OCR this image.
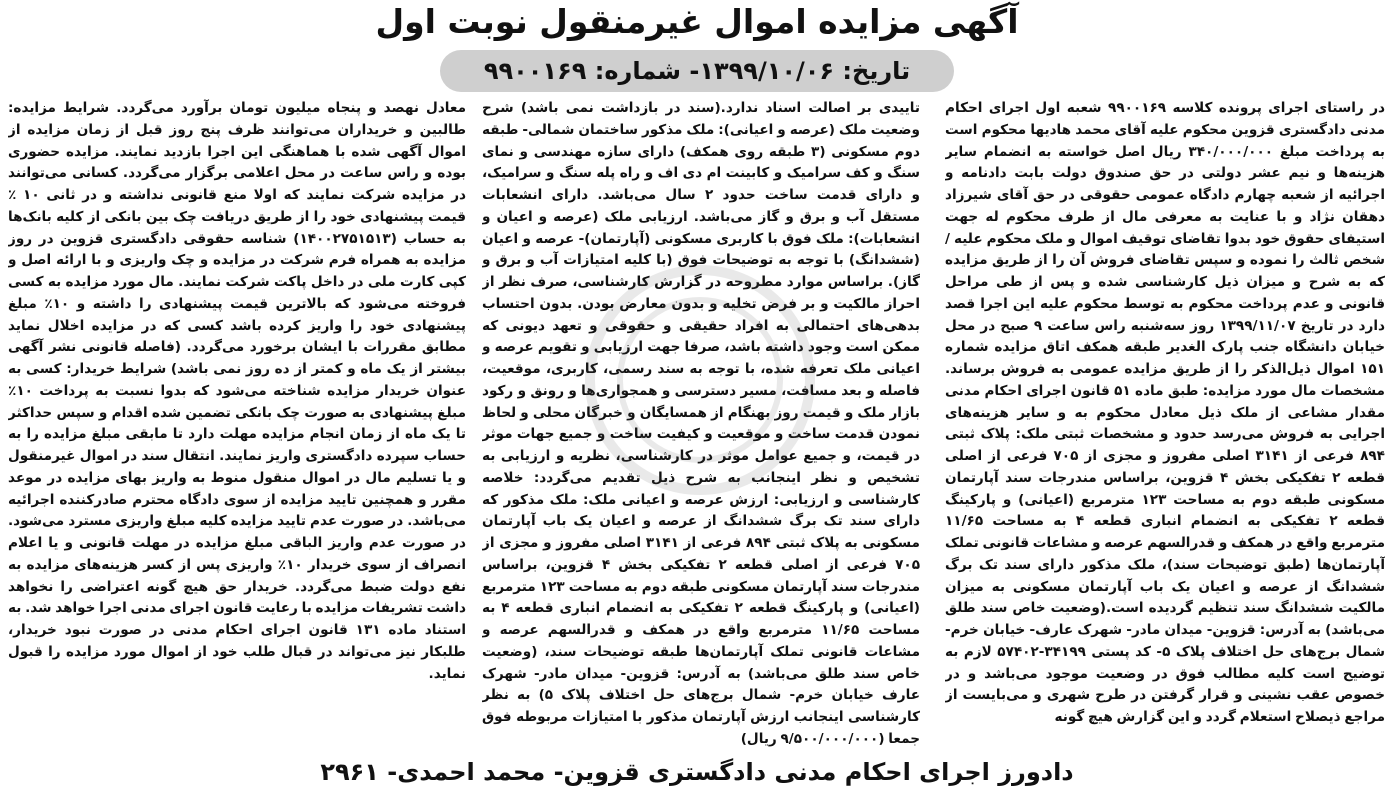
آگهی مزایده اموال غیرمنقول نوبت اول
تاریخ: ۱۳۹۹/۱۰/۰۶- شماره: ۹۹۰۰۱۶۹
در راستای اجرای پرونده کلاسه ۹۹۰۰۱۶۹ شعبه اول اجرای احکام مدنی دادگستری قزوین محکوم علیه آقای محمد هادیها محکوم است به پرداخت مبلغ ۳۴۰/۰۰۰/۰۰۰ ریال اصل خواسته به انضمام سایر هزینه‌ها و نیم عشر دولتی در حق صندوق دولت بابت دادنامه و اجرائیه از شعبه چهارم دادگاه عمومی حقوقی در حق آقای شیرزاد دهقان نژاد و با عنایت به معرفی مال از طرف محکوم له جهت استیفای حقوق خود بدوا تقاضای توقیف اموال و ملک محکوم علیه /شخص ثالث را نموده و سپس تقاضای فروش آن را از طریق مزایده که به شرح و میزان ذیل کارشناسی شده و پس از طی مراحل قانونی و عدم پرداخت محکوم به توسط محکوم علیه این اجرا قصد دارد در تاریخ ۱۳۹۹/۱۱/۰۷ روز سه‌شنبه راس ساعت ۹ صبح در محل خیابان دانشگاه جنب پارک الغدیر طبقه همکف اتاق مزایده شماره ۱۵۱ اموال ذیل‌الذکر را از طریق مزایده عمومی به فروش برساند. مشخصات مال مورد مزایده: طبق ماده ۵۱ قانون اجرای احکام مدنی مقدار مشاعی از ملک ذیل معادل محکوم به و سایر هزینه‌های اجرایی به فروش می‌رسد حدود و مشخصات ثبتی ملک: پلاک ثبتی ۸۹۴ فرعی از ۳۱۴۱ اصلی مفروز و مجزی از ۷۰۵ فرعی از اصلی قطعه ۲ تفکیکی بخش ۴ قزوین، براساس مندرجات سند آپارتمان مسکونی طبقه دوم به مساحت ۱۲۳ مترمربع (اعیانی) و پارکینگ قطعه ۲ تفکیکی به انضمام انباری قطعه ۴ به مساحت ۱۱/۶۵ مترمربع واقع در همکف و قدرالسهم عرصه و مشاعات قانونی تملک آپارتمان‌ها (طبق توضیحات سند)، ملک مذکور دارای سند تک برگ ششدانگ از عرصه و اعیان یک باب آپارتمان مسکونی به میزان مالکیت ششدانگ سند تنظیم گردیده است.(وضعیت خاص سند طلق می‌باشد) به آدرس: قزوین- میدان مادر- شهرک عارف- خیابان خرم- شمال برج‌های حل اختلاف پلاک ۵- کد پستی ۳۴۱۹۹-۵۷۴۰۲ لازم به توضیح است کلیه مطالب فوق در وضعیت موجود می‌باشد و در خصوص عقب نشینی و قرار گرفتن در طرح شهری و می‌بایست از مراجع ذیصلاح استعلام گردد و این گزارش هیچ گونه
تاییدی بر اصالت اسناد ندارد.(سند در بازداشت نمی باشد) شرح وضعیت ملک (عرصه و اعیانی): ملک مذکور ساختمان شمالی- طبقه دوم مسکونی (۳ طبقه روی همکف) دارای سازه مهندسی و نمای سنگ و کف سرامیک و کابینت ام دی اف و راه پله سنگ و سرامیک، و دارای قدمت ساخت حدود ۲ سال می‌باشد. دارای انشعابات مستقل آب و برق و گاز می‌باشد. ارزیابی ملک (عرصه و اعیان و انشعابات): ملک فوق با کاربری مسکونی (آپارتمان)- عرصه و اعیان (ششدانگ) با توجه به توضیحات فوق (با کلیه امتیازات آب و برق و گاز). براساس موارد مطروحه در گزارش کارشناسی، صرف نظر از احراز مالکیت و بر فرض تخلیه و بدون معارض بودن. بدون احتساب بدهی‌های احتمالی به افراد حقیقی و حقوقی و تعهد دیونی که ممکن است وجود داشته باشد، صرفا جهت ارزیابی و تقویم عرصه و اعیانی ملک تعرفه شده، با توجه به سند رسمی، کاربری، موقعیت، فاصله و بعد مسافت، مسیر دسترسی و همجواری‌ها و رونق و رکود بازار ملک و قیمت روز بهنگام از همسایگان و خبرگان محلی و لحاظ نمودن قدمت ساخت و موقعیت و کیفیت ساخت و جمیع جهات موثر در قیمت، و جمیع عوامل موثر در کارشناسی، نظریه و ارزیابی به تشخیص و نظر اینجانب به شرح ذیل تقدیم می‌گردد: خلاصه کارشناسی و ارزیابی: ارزش عرصه و اعیانی ملک: ملک مذکور که دارای سند تک برگ ششدانگ از عرصه و اعیان یک باب آپارتمان مسکونی به پلاک ثبتی ۸۹۴ فرعی از ۳۱۴۱ اصلی مفروز و مجزی از ۷۰۵ فرعی از اصلی قطعه ۲ تفکیکی بخش ۴ قزوین، براساس مندرجات سند آپارتمان مسکونی طبقه دوم به مساحت ۱۲۳ مترمربع (اعیانی) و پارکینگ قطعه ۲ تفکیکی به انضمام انباری قطعه ۴ به مساحت ۱۱/۶۵ مترمربع واقع در همکف و قدرالسهم عرصه و مشاعات قانونی تملک آپارتمان‌ها طبقه توضیحات سند، (وضعیت خاص سند طلق می‌باشد) به آدرس: قزوین- میدان مادر- شهرک عارف خیابان خرم- شمال برج‌های حل اختلاف پلاک ۵) به نظر کارشناسی اینجانب ارزش آپارتمان مذکور با امتیازات مربوطه فوق جمعا (۹/۵۰۰/۰۰۰/۰۰۰ ریال)
معادل نهصد و پنجاه میلیون تومان برآورد می‌گردد. شرایط مزایده: طالبین و خریداران می‌توانند ظرف پنج روز قبل از زمان مزایده از اموال آگهی شده با هماهنگی این اجرا بازدید نمایند. مزایده حضوری بوده و راس ساعت در محل اعلامی برگزار می‌گردد. کسانی می‌توانند در مزایده شرکت نمایند که اولا منع قانونی نداشته و در ثانی ۱۰ ٪ قیمت پیشنهادی خود را از طریق دریافت چک بین بانکی از کلیه بانک‌ها به حساب (۱۴۰۰۲۷۵۱۵۱۳) شناسه حقوقی دادگستری قزوین در روز مزایده به همراه فرم شرکت در مزایده و چک واریزی و با ارائه اصل و کپی کارت ملی در داخل پاکت شرکت نمایند. مال مورد مزایده به کسی فروخته می‌شود که بالاترین قیمت پیشنهادی را داشته و ۱۰٪ مبلغ پیشنهادی خود را واریز کرده باشد کسی که در مزایده اخلال نماید مطابق مقررات با ایشان برخورد می‌گردد. (فاصله قانونی نشر آگهی بیشتر از یک ماه و کمتر از ده روز نمی باشد) شرایط خریدار: کسی به عنوان خریدار مزایده شناخته می‌شود که بدوا نسبت به پرداخت ۱۰٪ مبلغ پیشنهادی به صورت چک بانکی تضمین شده اقدام و سپس حداکثر تا یک ماه از زمان انجام مزایده مهلت دارد تا مابقی مبلغ مزایده را به حساب سپرده دادگستری واریز نمایند. انتقال سند در اموال غیرمنقول و یا تسلیم مال در اموال منقول منوط به واریز بهای مزایده در موعد مقرر و همچنین تایید مزایده از سوی دادگاه محترم صادرکننده اجرائیه می‌باشد. در صورت عدم تایید مزایده کلیه مبلغ واریزی مسترد می‌شود. در صورت عدم واریز الباقی مبلغ مزایده در مهلت قانونی و یا اعلام انصراف از سوی خریدار ۱۰٪ واریزی پس از کسر هزینه‌های مزایده به نفع دولت ضبط می‌گردد. خریدار حق هیچ گونه اعتراضی را نخواهد داشت تشریفات مزایده با رعایت قانون اجرای مدنی اجرا خواهد شد. به استناد ماده ۱۳۱ قانون اجرای احکام مدنی در صورت نبود خریدار، طلبکار نیز می‌تواند در قبال طلب خود از اموال مورد مزایده را قبول نماید.
دادورز اجرای احکام مدنی دادگستری قزوین- محمد احمدی- ۲۹۶۱
